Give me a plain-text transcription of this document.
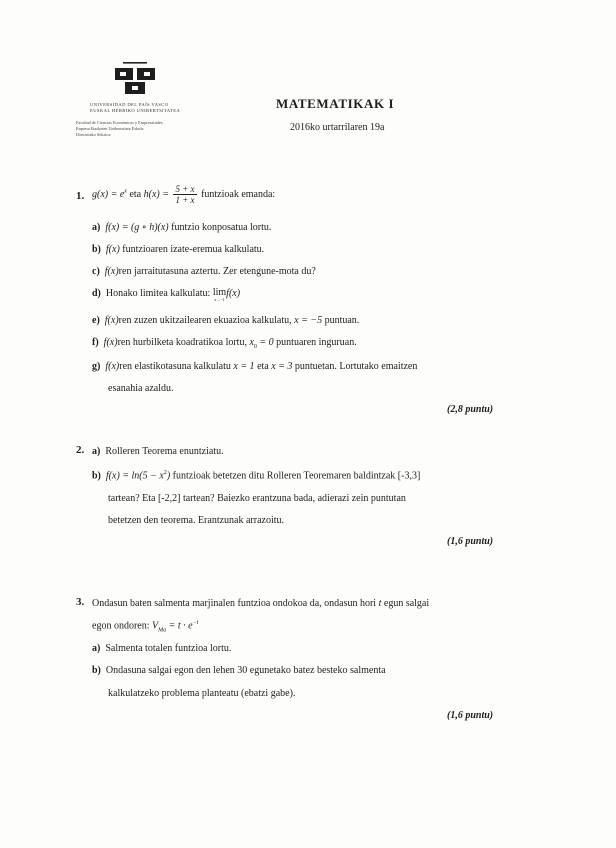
UNIVERSIDAD DEL PAÍS VASCO
EUSKAL HERRIKO UNIBERTSITATEA
Facultad de Ciencias Económicas y Empresariales
Enpresa Ikasketen Unibertsitate Eskola
Donostiako Sekzioa
MATEMATIKAK I
2016ko urtarrilaren 19a
1. $g(x) = e^x$ eta $h(x) = \frac{5 + x}{1 + x}$ funtzioak emanda:
a) f(x) = (g ∘ h)(x) funtzio konposatua lortu.
b) f(x) funtzioaren izate-eremua kalkulatu.
c) f(x)ren jarraitutasuna aztertu. Zer etengune-mota du?
d) Honako limitea kalkulatu: lim
x→−1
f(x)
e) f(x)ren zuzen ukitzailearen ekuazioa kalkulatu, x = −5 puntuan.
f) f(x)ren hurbilketa koadratikoa lortu, $x_0 = 0$ puntuaren inguruan.
g) f(x)ren elastikotasuna kalkulatu x = 1 eta x = 3 puntuetan. Lortutako emaitzen
esanahia azaldu.
(2,8 puntu)
2. a) Rolleren Teorema enuntziatu.
b) $f(x) = \ln(5 - x^2)$ funtzioak betetzen ditu Rolleren Teoremaren baldintzak [-3,3]
tartean? Eta [-2,2] tartean? Baiezko erantzuna bada, adierazi zein puntutan
betetzen den teorema. Erantzunak arrazoitu.
(1,6 puntu)
3. Ondasun baten salmenta marjinalen funtzioa ondokoa da, ondasun hori t egun salgai
egon ondoren: $V_{Ma} = t \cdot e^{-t}$
a) Salmenta totalen funtzioa lortu.
b) Ondasuna salgai egon den lehen 30 egunetako batez besteko salmenta
kalkulatzeko problema planteatu (ebatzi gabe).
(1,6 puntu)
